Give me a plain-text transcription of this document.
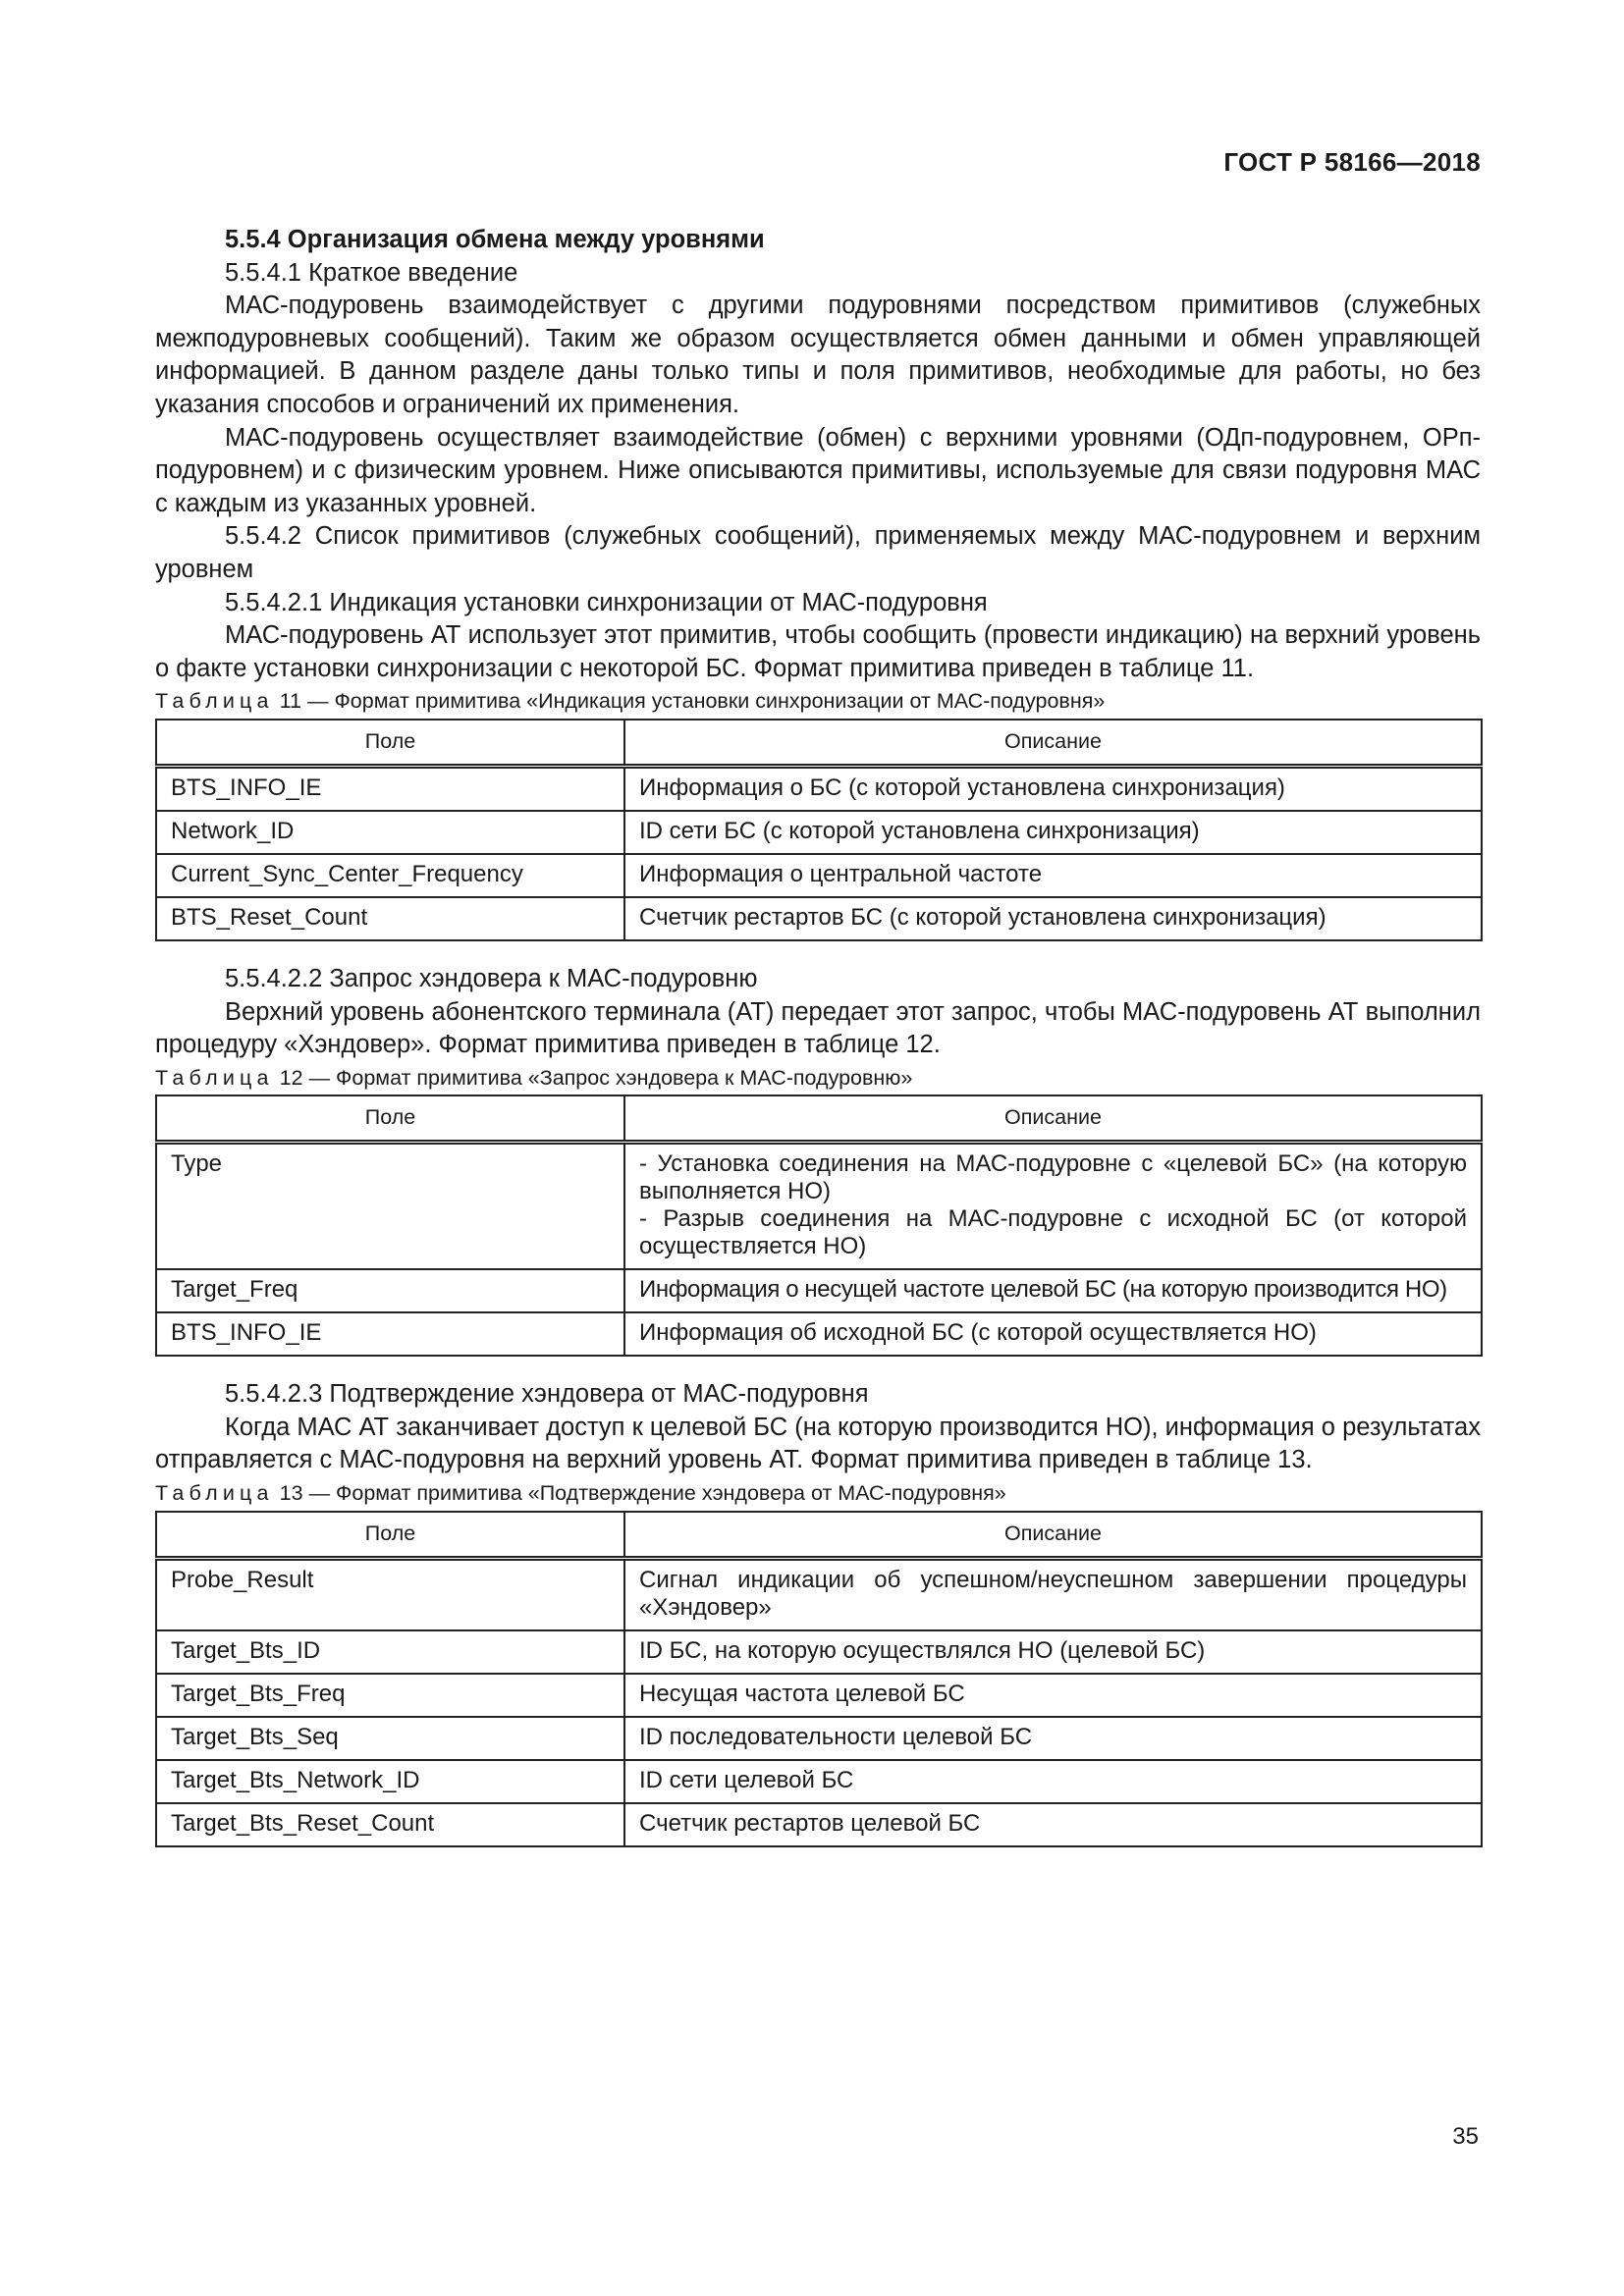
ГОСТ Р 58166—2018

5.5.4 Организация обмена между уровнями

5.5.4.1 Краткое введение

МАС-подуровень взаимодействует с другими подуровнями посредством примитивов (служебных межподуровневых сообщений). Таким же образом осуществляется обмен данными и обмен управляющей информацией. В данном разделе даны только типы и поля примитивов, необходимые для работы, но без указания способов и ограничений их применения.

МАС-подуровень осуществляет взаимодействие (обмен) с верхними уровнями (ОДп-подуровнем, ОРп-подуровнем) и с физическим уровнем. Ниже описываются примитивы, используемые для связи подуровня МАС с каждым из указанных уровней.

5.5.4.2 Список примитивов (служебных сообщений), применяемых между МАС-подуровнем и верхним уровнем

5.5.4.2.1 Индикация установки синхронизации от МАС-подуровня

МАС-подуровень АТ использует этот примитив, чтобы сообщить (провести индикацию) на верхний уровень о факте установки синхронизации с некоторой БС. Формат примитива приведен в таблице 11.

Таблица 11 — Формат примитива «Индикация установки синхронизации от МАС-подуровня»

Поле	Описание
BTS_INFO_IE	Информация о БС (с которой установлена синхронизация)
Network_ID	ID сети БС (с которой установлена синхронизация)
Current_Sync_Center_Frequency	Информация о центральной частоте
BTS_Reset_Count	Счетчик рестартов БС (с которой установлена синхронизация)

5.5.4.2.2 Запрос хэндовера к МАС-подуровню

Верхний уровень абонентского терминала (АТ) передает этот запрос, чтобы МАС-подуровень АТ выполнил процедуру «Хэндовер». Формат примитива приведен в таблице 12.

Таблица 12 — Формат примитива «Запрос хэндовера к МАС-подуровню»

Поле	Описание
Type	- Установка соединения на МАС-подуровне с «целевой БС» (на которую выполняется НО)
- Разрыв соединения на МАС-подуровне с исходной БС (от которой осуществляется НО)

Target_Freq	Информация о несущей частоте целевой БС (на которую производится НО)
BTS_INFO_IE	Информация об исходной БС (с которой осуществляется НО)

5.5.4.2.3 Подтверждение хэндовера от МАС-подуровня

Когда МАС АТ заканчивает доступ к целевой БС (на которую производится НО), информация о результатах отправляется с МАС-подуровня на верхний уровень АТ. Формат примитива приведен в таблице 13.

Таблица 13 — Формат примитива «Подтверждение хэндовера от МАС-подуровня»

Поле	Описание
Probe_Result	Сигнал индикации об успешном/неуспешном завершении процедуры «Хэндовер»
Target_Bts_ID	ID БС, на которую осуществлялся НО (целевой БС)
Target_Bts_Freq	Несущая частота целевой БС
Target_Bts_Seq	ID последовательности целевой БС
Target_Bts_Network_ID	ID сети целевой БС
Target_Bts_Reset_Count	Счетчик рестартов целевой БС
35
